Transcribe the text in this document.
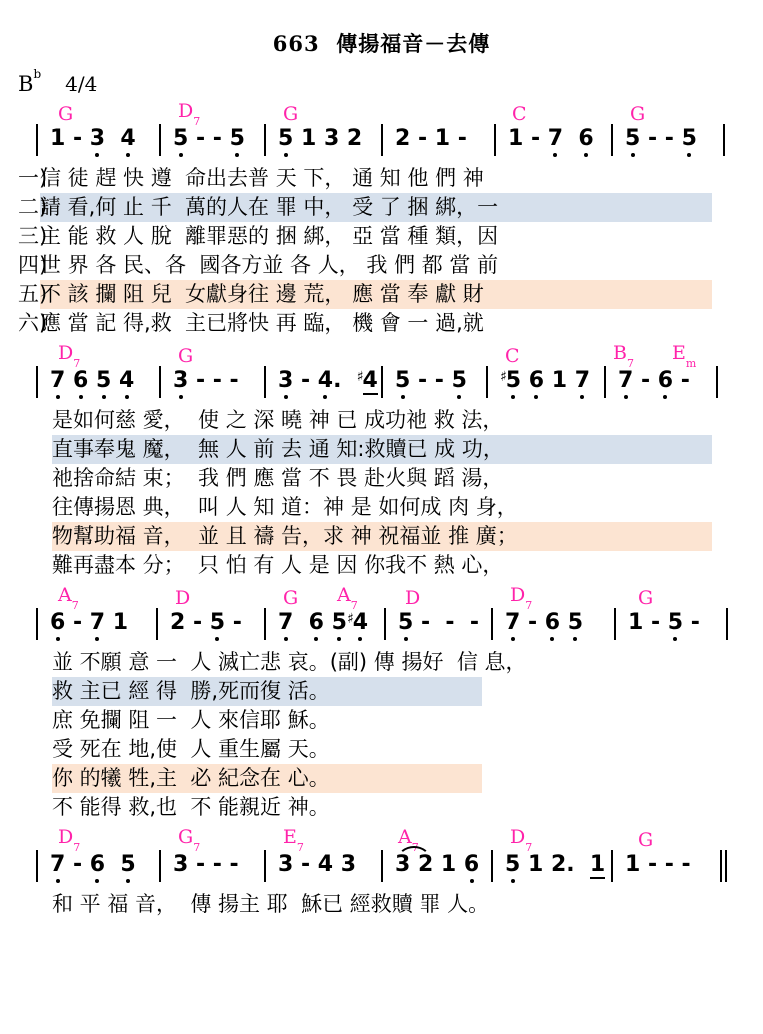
663  傳揚福音－去傳
$B^b$ 4/4
G	$D_7$	G	C	G
1 - 3 4 5 - - 5 5 1 3 2 2 - 1 - 1 - 7 6 5 - - 5
一)
信 徒 趕 快 遵  命出去普 天 下， 通 知 他 們 神
二)
請 看,何 止 千  萬的人在 罪 中， 受 了 捆 綁，一
三)
主 能 救 人 脫  離罪惡的 捆 綁， 亞 當 種 類，因
四)
世 界 各 民、各  國各方並 各 人， 我 們 都 當 前
五)
不 該 攔 阻 兒  女獻身往 邊 荒， 應 當 奉 獻 財
六)
應 當 記 得,救  主已將快 再 臨， 機 會 一 過,就
$D_7$	G	C	$B_7$ $E_m$
7 6 5 4 3 - - - 3 - 4.  ♯4 5 - - 5 ♯5 6 1 7 7 - 6 -
是如何慈 愛，  使 之 深 曉 神 已 成功祂 救 法，
直事奉鬼 魔，  無 人 前 去 通 知:救贖已 成 功，
祂捨命結 束；  我 們 應 當 不 畏 赴火與 蹈 湯，
往傳揚恩 典，  叫 人 知 道：神 是 如何成 肉 身，
物幫助福 音，  並 且 禱 告，求 神 祝福並 推 廣；
難再盡本 分；  只 怕 有 人 是 因 你我不 熱 心，
$A_7$	D	G $A_7$ D	$D_7$	G
6 - 7 1 2 - 5 - 7 6 5♯4 5 -  -  - 7 - 6 5 1 - 5 -
並 不願 意 一  人 滅亡悲 哀。(副) 傳 揚好  信 息，
救 主已 經 得  勝,死而復 活。
庶 免攔 阻 一  人 來信耶 穌。
受 死在 地,使  人 重生屬 天。
你 的犧 牲,主  必 紀念在 心。
不 能得 救,也  不 能親近 神。
$D_7$	$G_7$	$E_7$	$A_7$	$D_7$	G
7 - 6 5 3 - - - 3 - 4 3 3 2 1 6 5 1 2.  1 1 - - -
和 平 福 音，  傳 揚主 耶  穌已 經救贖 罪 人。
